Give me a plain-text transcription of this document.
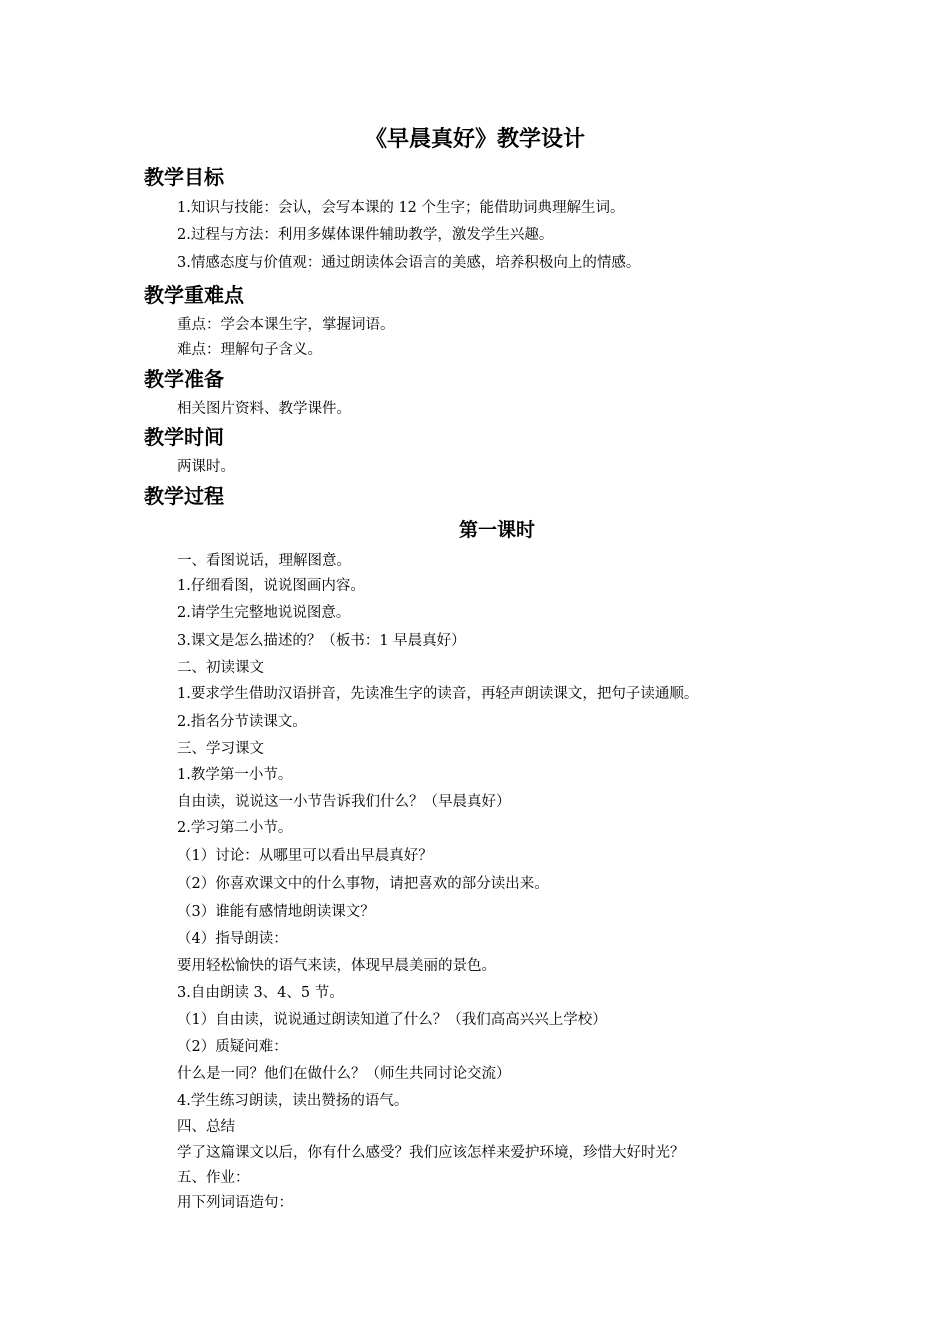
《早晨真好》教学设计
教学目标
1.知识与技能：会认，会写本课的 12 个生字；能借助词典理解生词。
2.过程与方法：利用多媒体课件辅助教学，激发学生兴趣。
3.情感态度与价值观：通过朗读体会语言的美感，培养积极向上的情感。
教学重难点
重点：学会本课生字，掌握词语。
难点：理解句子含义。
教学准备
相关图片资料、教学课件。
教学时间
两课时。
教学过程
第一课时
一、看图说话，理解图意。
1.仔细看图，说说图画内容。
2.请学生完整地说说图意。
3.课文是怎么描述的？（板书：1 早晨真好）
二、初读课文
1.要求学生借助汉语拼音，先读准生字的读音，再轻声朗读课文，把句子读通顺。
2.指名分节读课文。
三、学习课文
1.教学第一小节。
自由读，说说这一小节告诉我们什么？（早晨真好）
2.学习第二小节。
（1）讨论：从哪里可以看出早晨真好？
（2）你喜欢课文中的什么事物，请把喜欢的部分读出来。
（3）谁能有感情地朗读课文？
（4）指导朗读：
要用轻松愉快的语气来读，体现早晨美丽的景色。
3.自由朗读 3、4、5 节。
（1）自由读，说说通过朗读知道了什么？（我们高高兴兴上学校）
（2）质疑问难：
什么是一同？他们在做什么？（师生共同讨论交流）
4.学生练习朗读，读出赞扬的语气。
四、总结
学了这篇课文以后，你有什么感受？我们应该怎样来爱护环境，珍惜大好时光？
五、作业：
用下列词语造句：
